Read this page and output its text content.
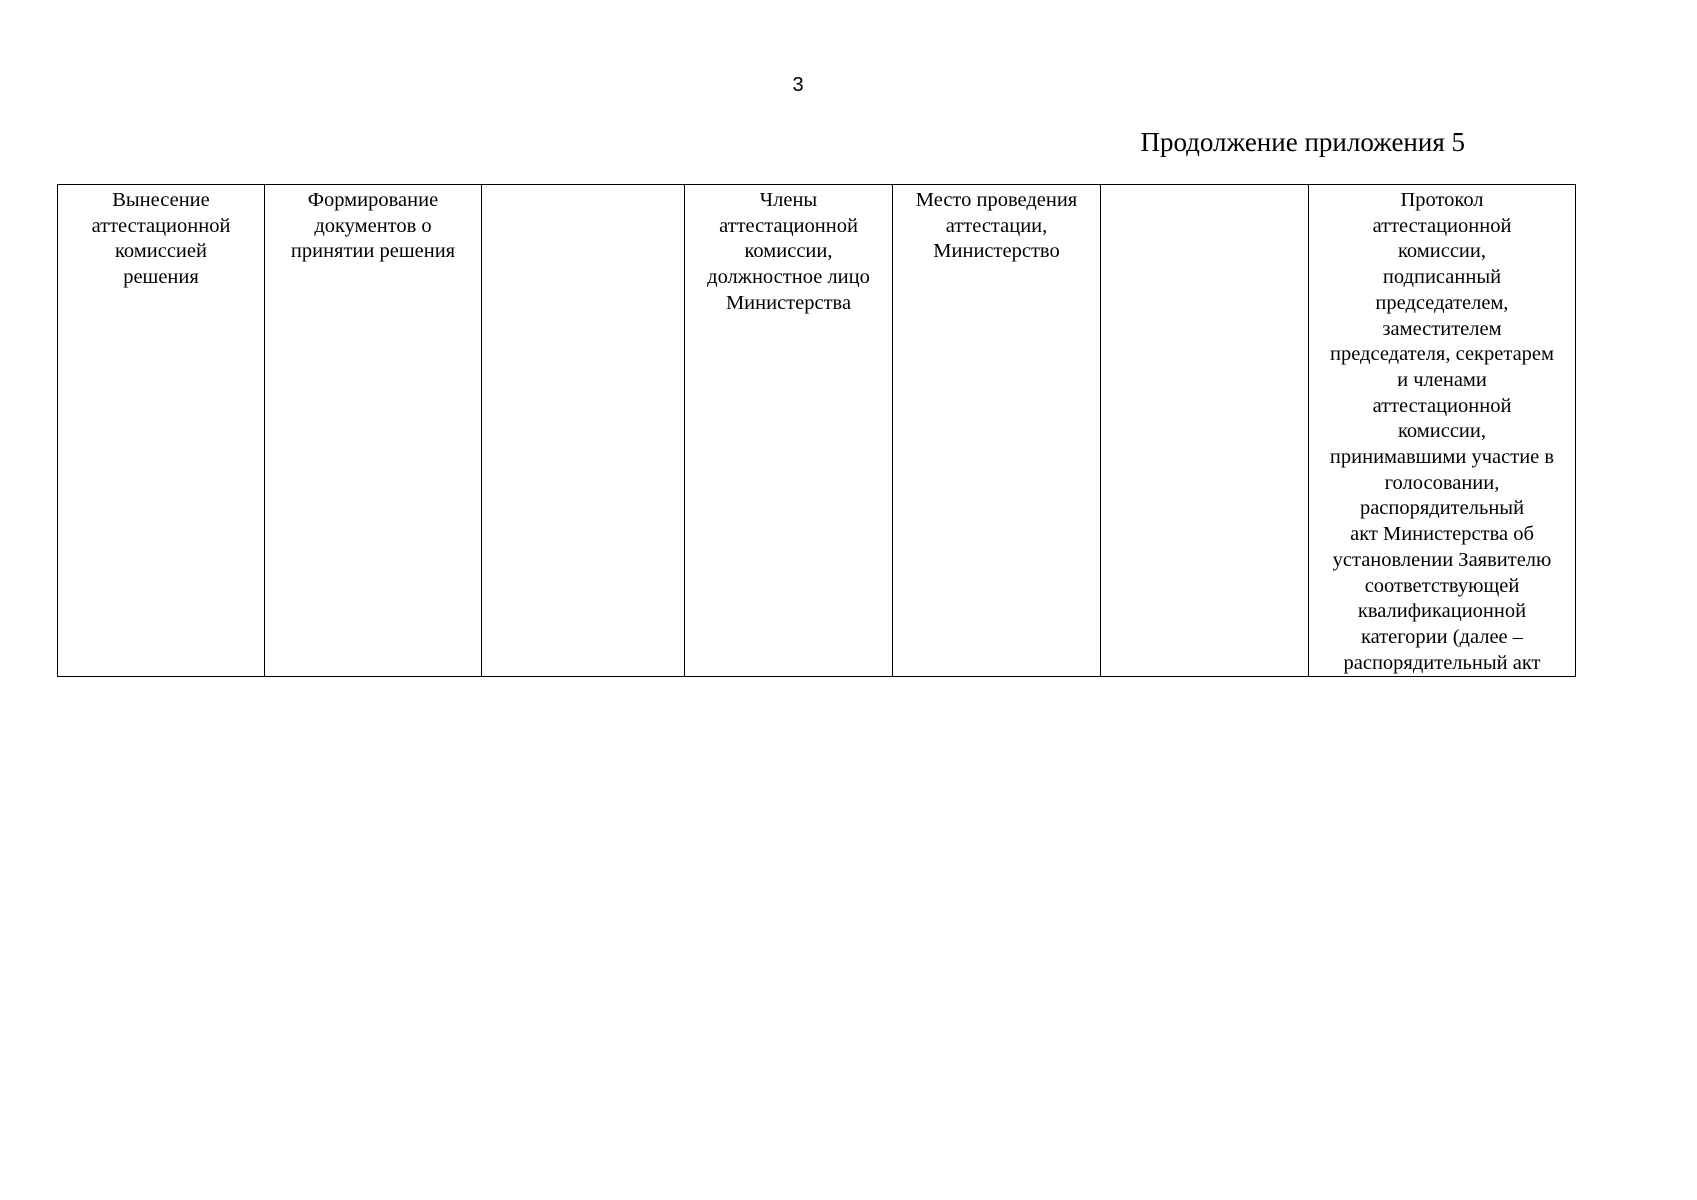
3
Продолжение приложения 5
Вынесение
аттестационной
комиссией
решения	Формирование
документов о
принятии решения		Члены
аттестационной
комиссии,
должностное лицо
Министерства	Место проведения
аттестации,
Министерство		Протокол
аттестационной
комиссии,
подписанный
председателем,
заместителем
председателя, секретарем
и членами
аттестационной
комиссии,
принимавшими участие в
голосовании,
распорядительный
акт Министерства об
установлении Заявителю
соответствующей
квалификационной
категории (далее –
распорядительный акт
